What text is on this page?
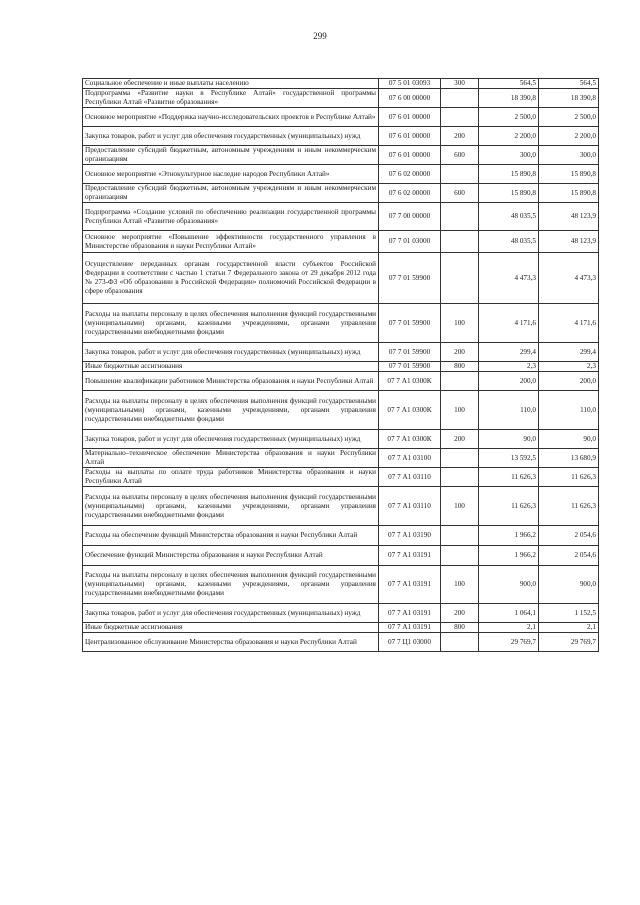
299
Социальное обеспечение и иные выплаты населению	07 5 01 03093	300	564,5	564,5
Подпрограмма «Развитие науки в Республике Алтай» государственной программы Республики Алтай «Развитие образования»	07 6 00 00000		18 390,8	18 390,8
Основное мероприятие «Поддержка научно-исследовательских проектов в Республике Алтай»	07 6 01 00000		2 500,0	2 500,0
Закупка товаров, работ и услуг для обеспечения государственных (муниципальных) нужд	07 6 01 00000	200	2 200,0	2 200,0
Предоставление субсидий бюджетным, автономным учреждениям и иным некоммерческим организациям	07 6 01 00000	600	300,0	300,0
Основное мероприятие «Этнокультурное наследие народов Республики Алтай»	07 6 02 00000		15 890,8	15 890,8
Предоставление субсидий бюджетным, автономным учреждениям и иным некоммерческим организациям	07 6 02 00000	600	15 890,8	15 890,8
Подпрограмма «Создание условий по обеспечению реализации государственной программы Республики Алтай «Развитие образования»	07 7 00 00000		48 035,5	48 123,9
Основное мероприятие «Повышение эффективности государственного управления в Министерстве образования и науки Республики Алтай»	07 7 01 03000		48 035,5	48 123,9
Осуществление переданных органам государственной власти субъектов Российской Федерации в соответствии с частью 1 статьи 7 Федерального закона от 29 декабря 2012 года № 273-ФЗ «Об образовании в Российской Федерации» полномочий Российской Федерации в сфере образования	07 7 01 59900		4 473,3	4 473,3
Расходы на выплаты персоналу в целях обеспечения выполнения функций государственными (муниципальными) органами, казенными учреждениями, органами управления государственными внебюджетными фондами	07 7 01 59900	100	4 171,6	4 171,6
Закупка товаров, работ и услуг для обеспечения государственных (муниципальных) нужд	07 7 01 59900	200	299,4	299,4
Иные бюджетные ассигнования	07 7 01 59900	800	2,3	2,3
Повышение квалификации работников Министерства образования и науки Республики Алтай	07 7 А1 0300К		200,0	200,0
Расходы на выплаты персоналу в целях обеспечения выполнения функций государственными (муниципальными) органами, казенными учреждениями, органами управления государственными внебюджетными фондами	07 7 А1 0300К	100	110,0	110,0
Закупка товаров, работ и услуг для обеспечения государственных (муниципальных) нужд	07 7 А1 0300К	200	90,0	90,0
Материально–техническое обеспечение Министерства образования и науки Республики Алтай	07 7 А1 03100		13 592,5	13 680,9
Расходы на выплаты по оплате труда работников Министерства образования и науки Республики Алтай	07 7 А1 03110		11 626,3	11 626,3
Расходы на выплаты персоналу в целях обеспечения выполнения функций государственными (муниципальными) органами, казенными учреждениями, органами управления государственными внебюджетными фондами	07 7 А1 03110	100	11 626,3	11 626,3
Расходы на обеспечение функций Министерства образования и науки Республики Алтай	07 7 А1 03190		1 966,2	2 054,6
Обеспечение функций Министерства образования и науки Республики Алтай	07 7 А1 03191		1 966,2	2 054,6
Расходы на выплаты персоналу в целях обеспечения выполнения функций государственными (муниципальными) органами, казенными учреждениями, органами управления государственными внебюджетными фондами	07 7 А1 03191	100	900,0	900,0
Закупка товаров, работ и услуг для обеспечения государственных (муниципальных) нужд	07 7 А1 03191	200	1 064,1	1 152,5
Иные бюджетные ассигнования	07 7 А1 03191	800	2,1	2,1
Централизованное обслуживание Министерства образования и науки Республики Алтай	07 7 Ц1 03000		29 769,7	29 769,7
